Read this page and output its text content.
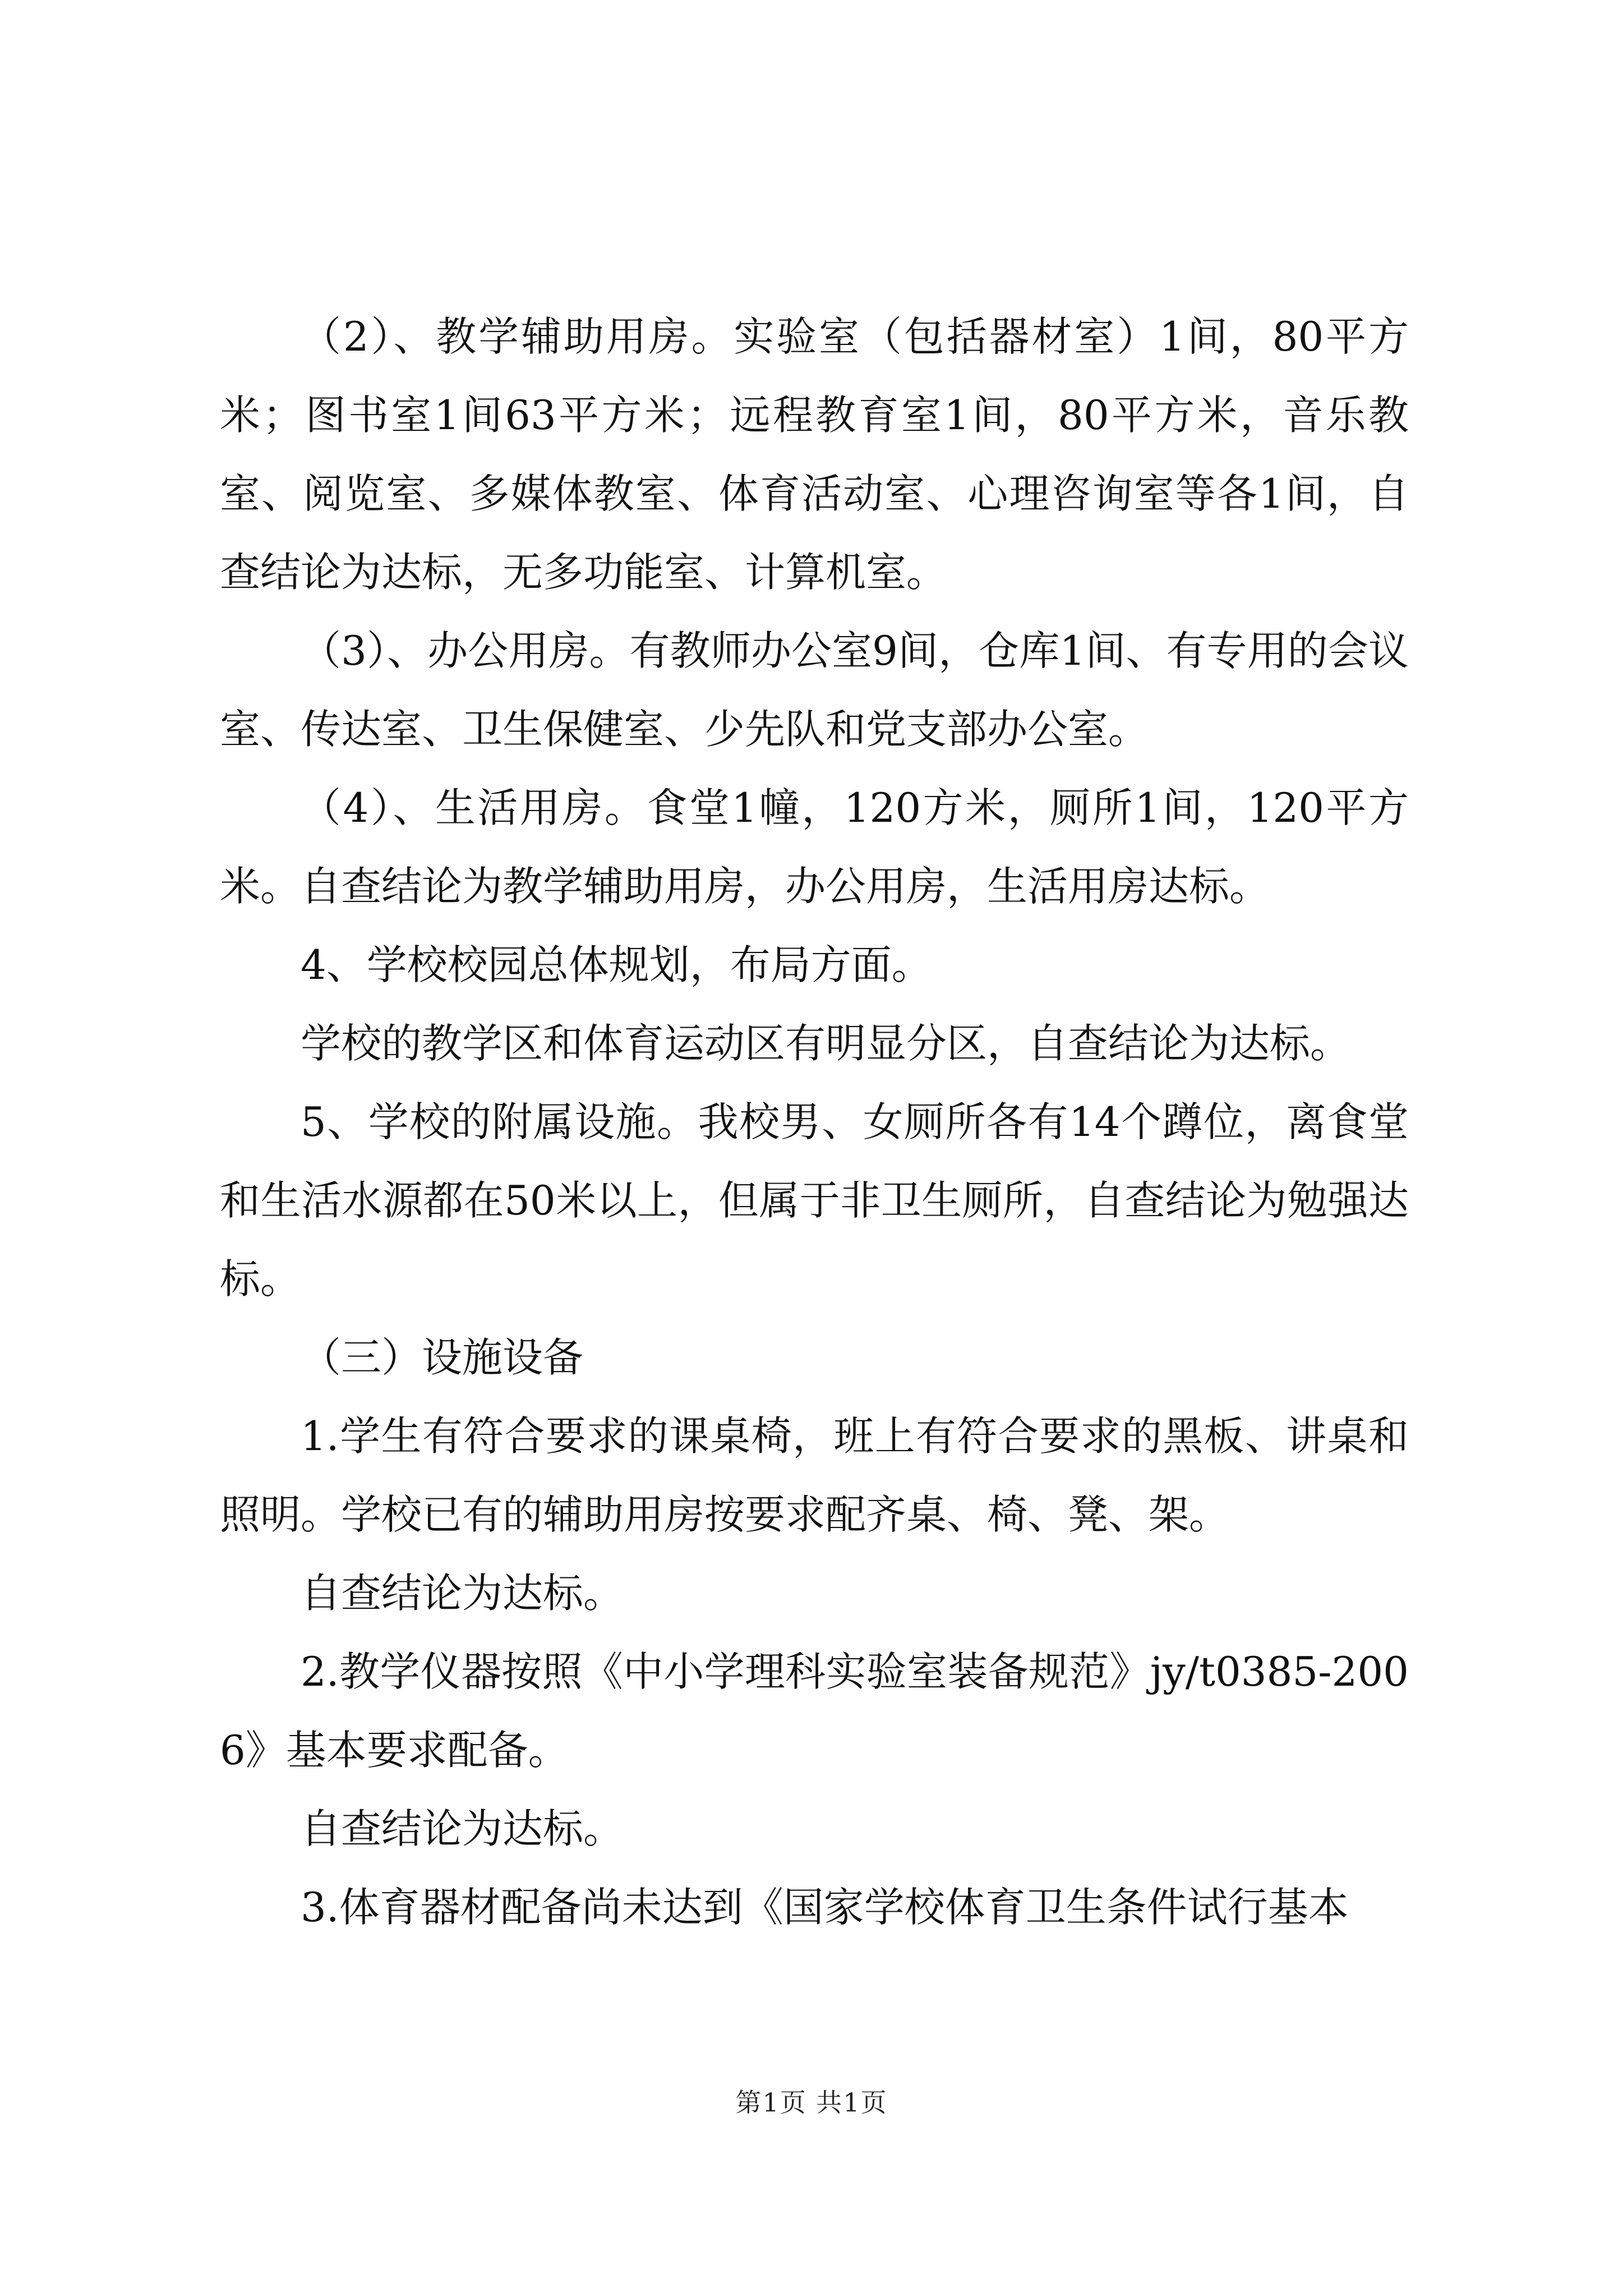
（2）、教学辅助用房。实验室（包括器材室）1间，80平方米；图书室1间63平方米；远程教育室1间，80平方米，音乐教室、阅览室、多媒体教室、体育活动室、心理咨询室等各1间，自查结论为达标，无多功能室、计算机室。

（3）、办公用房。有教师办公室9间，仓库1间、有专用的会议室、传达室、卫生保健室、少先队和党支部办公室。

（4）、生活用房。食堂1幢，120方米，厕所1间，120平方米。自查结论为教学辅助用房，办公用房，生活用房达标。

4、学校校园总体规划，布局方面。

学校的教学区和体育运动区有明显分区，自查结论为达标。

5、学校的附属设施。我校男、女厕所各有14个蹲位，离食堂和生活水源都在50米以上，但属于非卫生厕所，自查结论为勉强达标。

（三）设施设备

1.学生有符合要求的课桌椅，班上有符合要求的黑板、讲桌和照明。学校已有的辅助用房按要求配齐桌、椅、凳、架。

自查结论为达标。

2.教学仪器按照《中小学理科实验室装备规范》jy/t0385-2006》基本要求配备。

自查结论为达标。

3.体育器材配备尚未达到《国家学校体育卫生条件试行基本

第1页 共1页
